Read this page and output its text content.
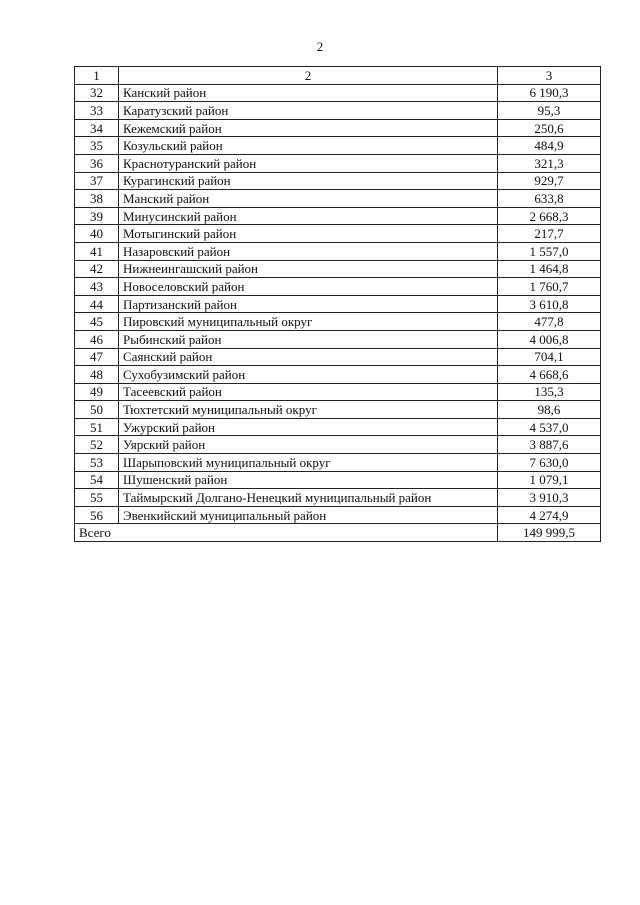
2
1	2	3
32	Канский район	6 190,3
33	Каратузский район	95,3
34	Кежемский район	250,6
35	Козульский район	484,9
36	Краснотуранский район	321,3
37	Курагинский район	929,7
38	Манский район	633,8
39	Минусинский район	2 668,3
40	Мотыгинский район	217,7
41	Назаровский район	1 557,0
42	Нижнеингашский район	1 464,8
43	Новоселовский район	1 760,7
44	Партизанский район	3 610,8
45	Пировский муниципальный округ	477,8
46	Рыбинский район	4 006,8
47	Саянский район	704,1
48	Сухобузимский район	4 668,6
49	Тасеевский район	135,3
50	Тюхтетский муниципальный округ	98,6
51	Ужурский район	4 537,0
52	Уярский район	3 887,6
53	Шарыповский муниципальный округ	7 630,0
54	Шушенский район	1 079,1
55	Таймырский Долгано-Ненецкий муниципальный район	3 910,3
56	Эвенкийский муниципальный район	4 274,9
Всего		149 999,5
